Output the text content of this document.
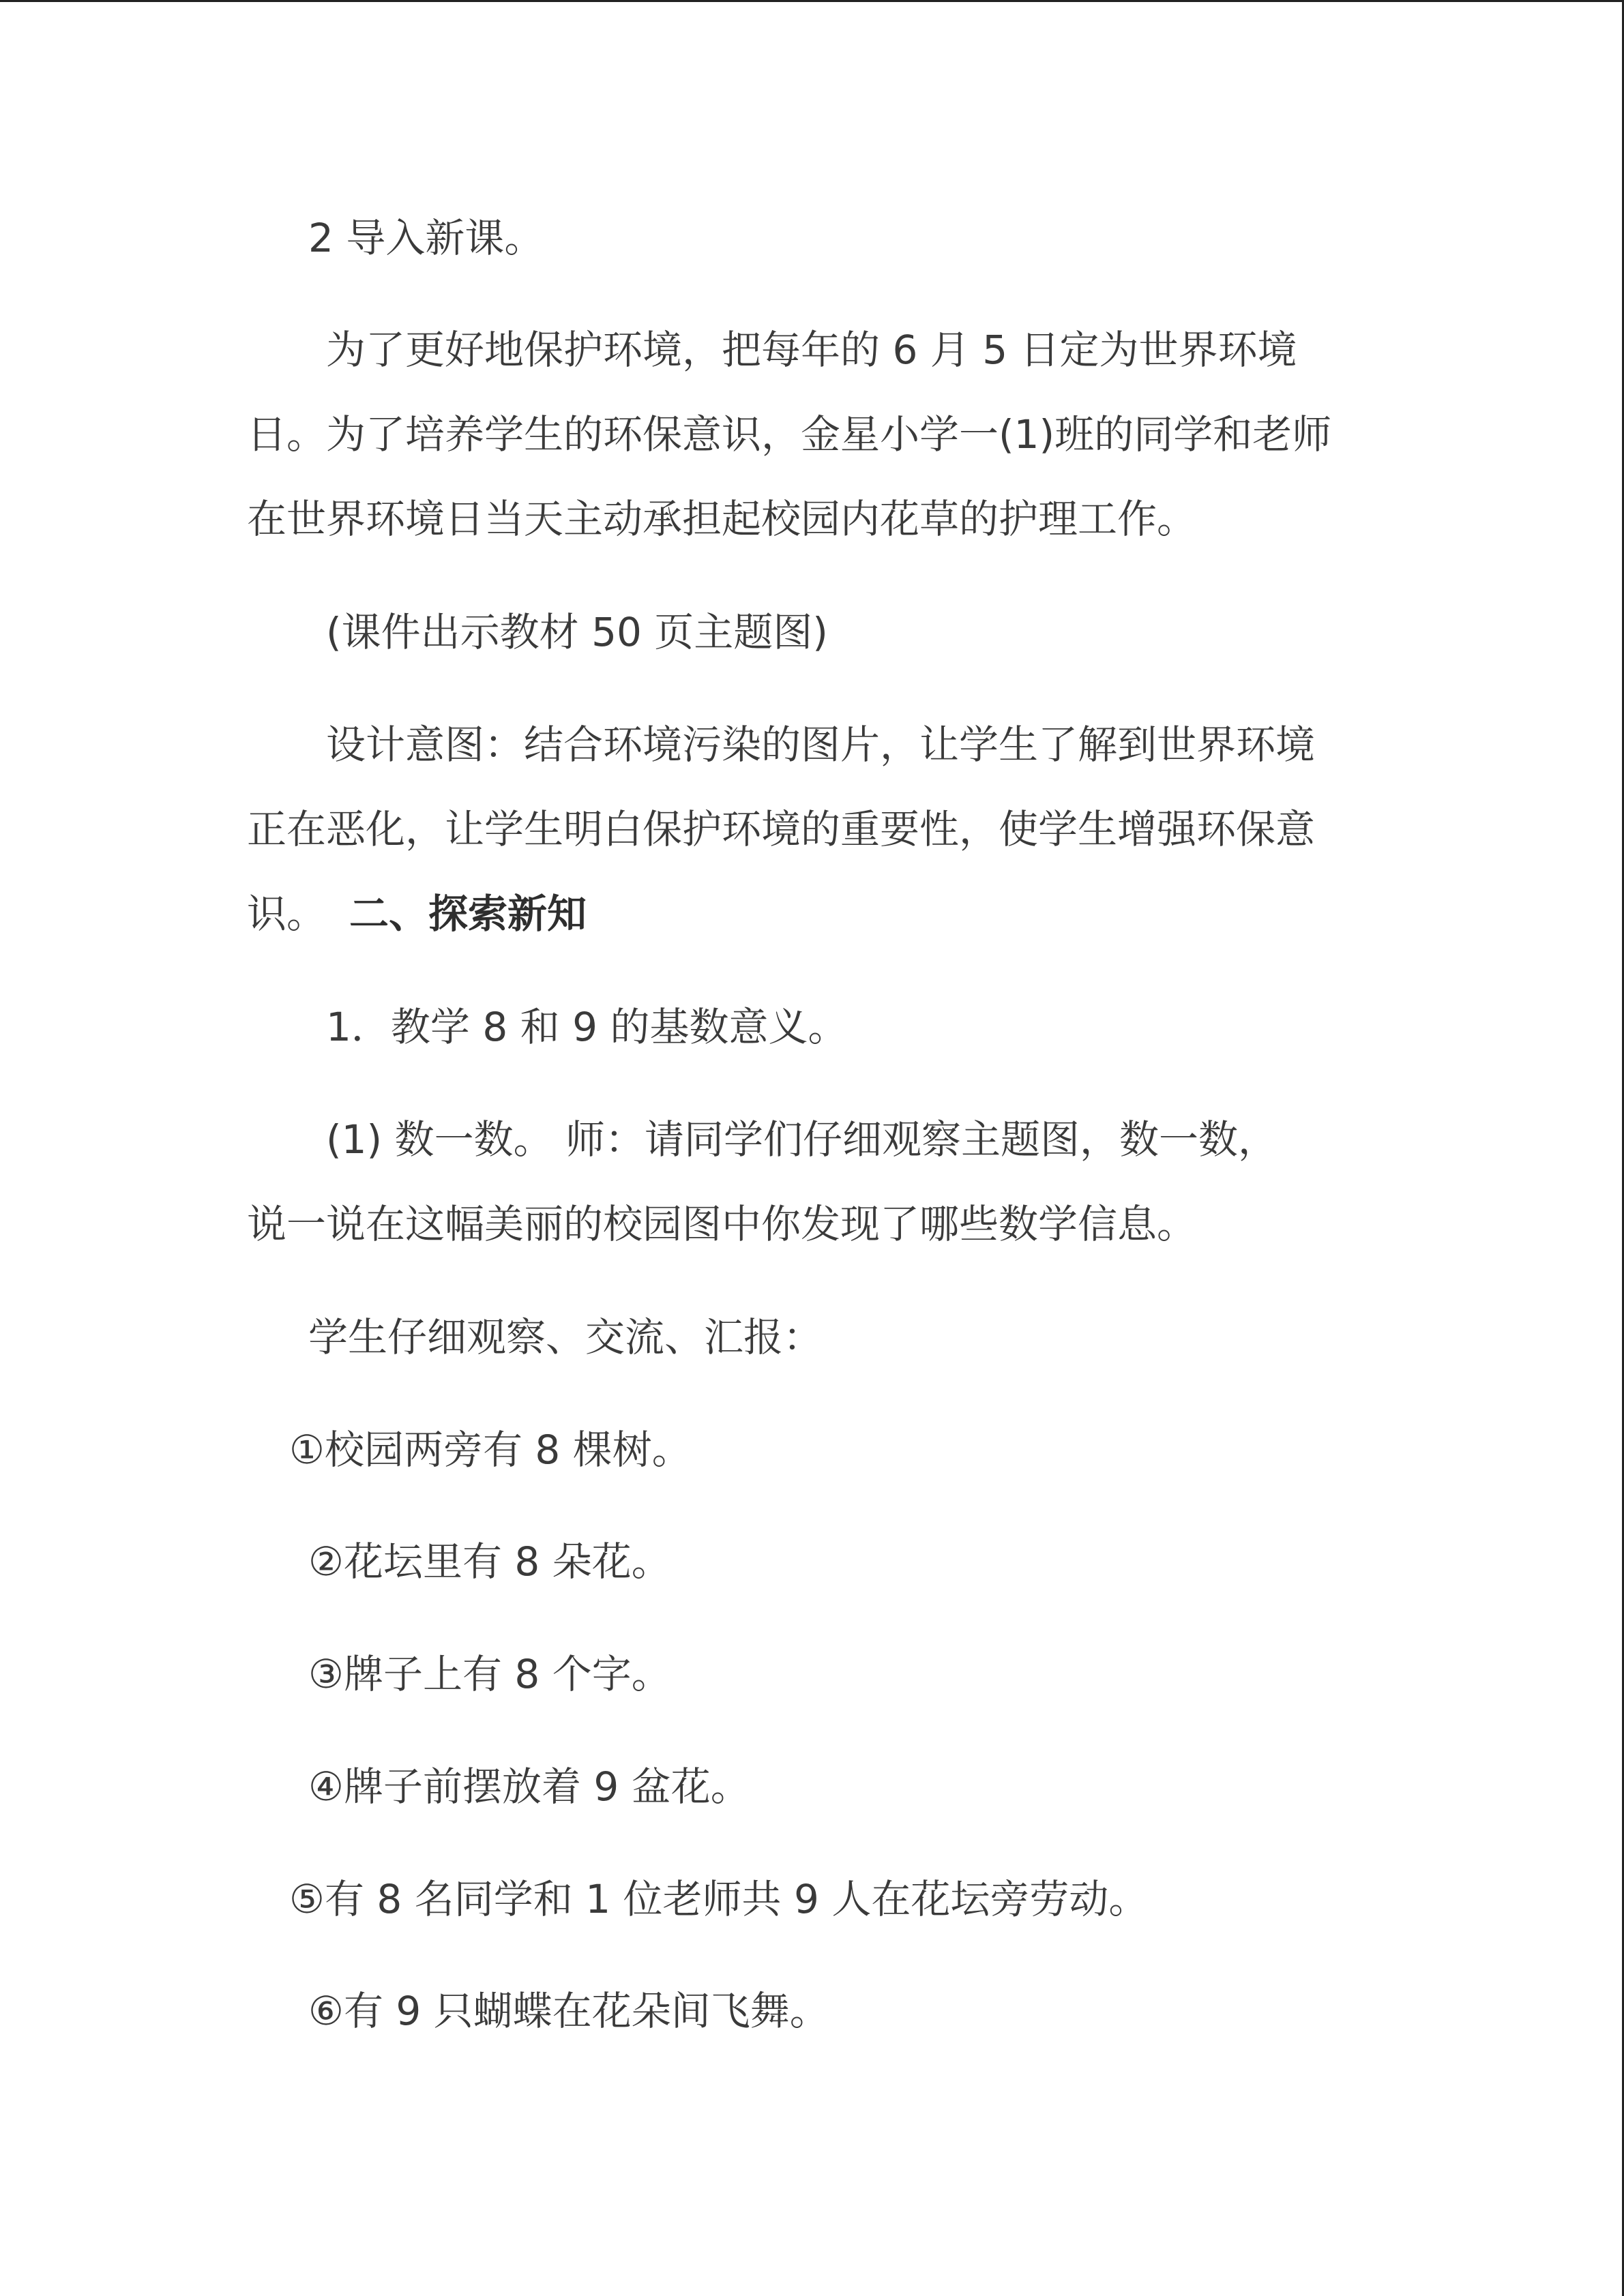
2 导入新课。
为了更好地保护环境，把每年的 6 月 5 日定为世界环境
日。为了培养学生的环保意识，金星小学一(1)班的同学和老师
在世界环境日当天主动承担起校园内花草的护理工作。
(课件出示教材 50 页主题图)
设计意图：结合环境污染的图片，让学生了解到世界环境
正在恶化，让学生明白保护环境的重要性，使学生增强环保意
识。 二、探索新知
1．教学 8 和 9 的基数意义。
(1) 数一数。 师：请同学们仔细观察主题图，数一数，
说一说在这幅美丽的校园图中你发现了哪些数学信息。
学生仔细观察、交流、汇报：
①校园两旁有 8 棵树。
②花坛里有 8 朵花。
③牌子上有 8 个字。
④牌子前摆放着 9 盆花。
⑤有 8 名同学和 1 位老师共 9 人在花坛旁劳动。
⑥有 9 只蝴蝶在花朵间飞舞。
